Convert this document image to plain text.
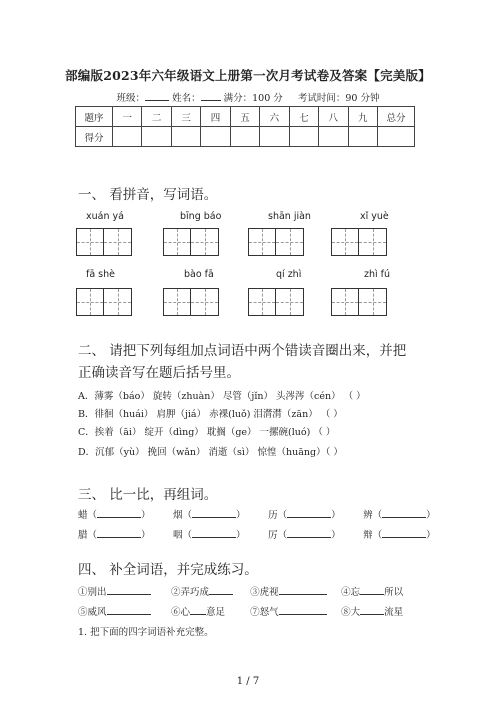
部编版2023年六年级语文上册第一次月考试卷及答案【完美版】
班级：	姓名： 满分：100 分 考试时间：90 分钟
题序	一	二	三	四	五	六	七	八	九	总分
得分										
一、 看拼音，写词语。
xuán yá	bīng báo	shān jiàn	xǐ yuè
fā shè	bào fā	qí zhì	zhì fú
二、 请把下列每组加点词语中两个错读音圈出来，并把
正确读音写在题后括号里。
A．薄雾（báo） 旋转（zhuàn） 尽管（jǐn） 头涔涔（cén） （ ）
B．徘徊（huái） 肩胛（jiá） 赤裸(luǒ) 泪潸潸（zān） （ ）
C．挨着（āi） 绽开（dìng） 耽搁（ge） 一摞碗(luó) （ ）
D．沉郁（yù） 挽回（wǎn） 消逝（sì） 惊惶（huāng）（ ）
三、 比一比，再组词。
蜡（	） 烟（	） 历（	） 辨（	）
腊（	） 咽（	） 厉（	） 辩（	）
四、 补全词语，并完成练习。
①别出	②弄巧成	③虎视	④忘	所以
⑤威风	⑥心 意足	⑦怒气	⑧大	流星
1. 把下面的四字词语补充完整。
1 / 7
